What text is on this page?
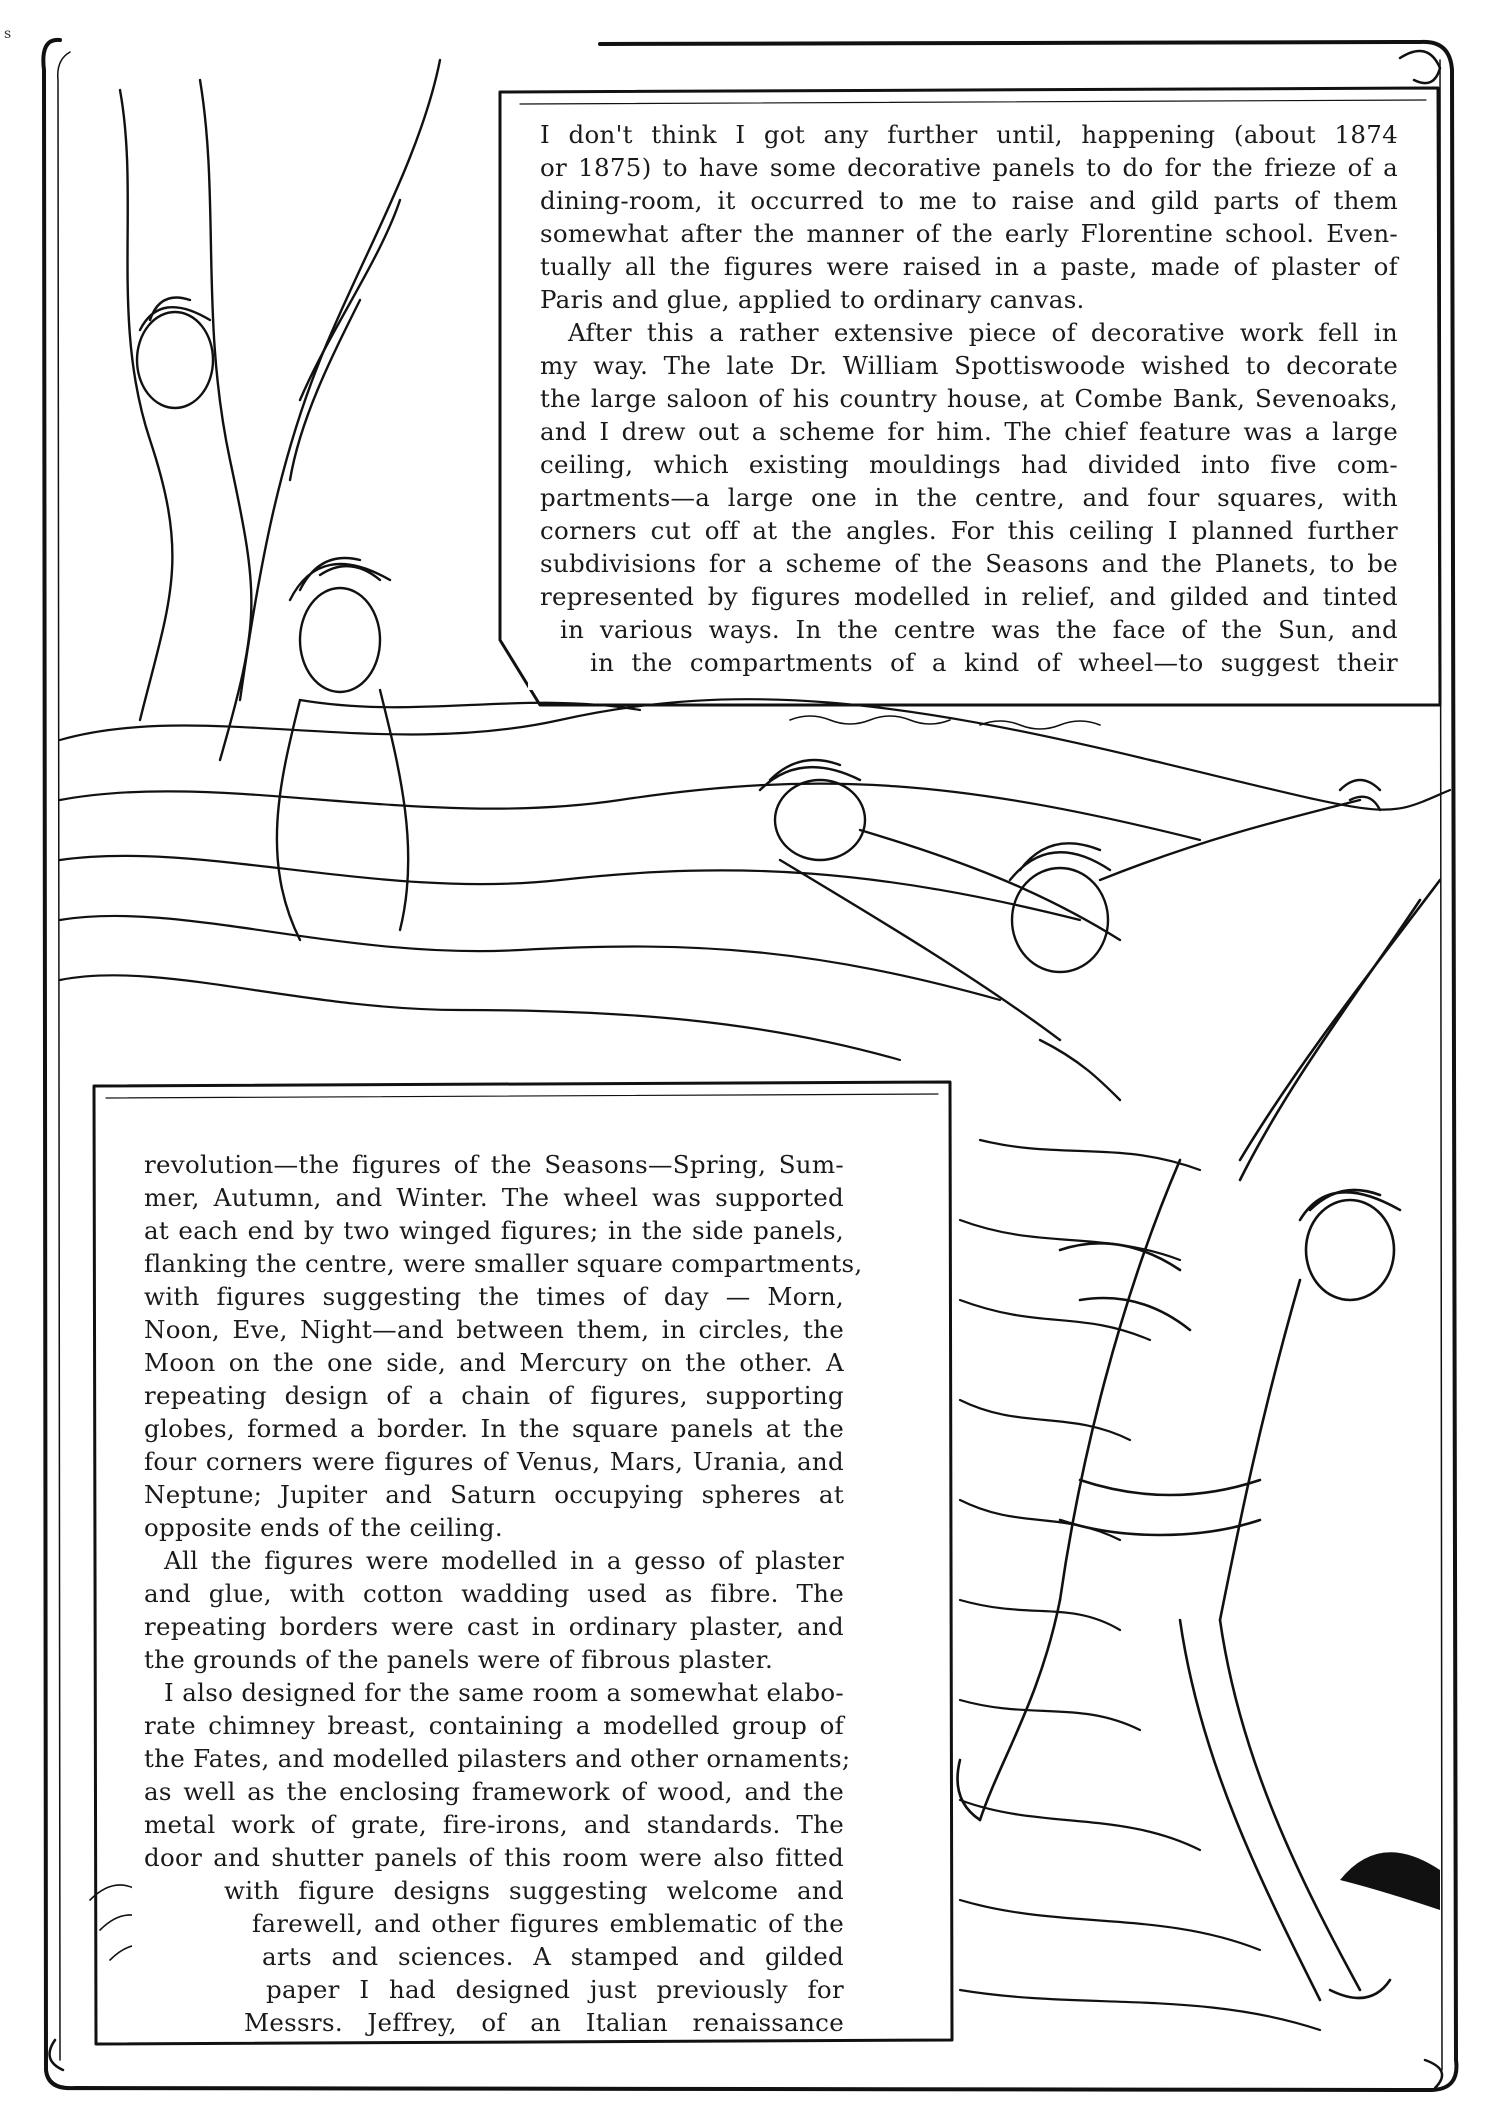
I don't think I got any further until, happening (about 1874
or 1875) to have some decorative panels to do for the frieze of a
dining-room, it occurred to me to raise and gild parts of them
somewhat after the manner of the early Florentine school. Even-
tually all the figures were raised in a paste, made of plaster of
Paris and glue, applied to ordinary canvas.
After this a rather extensive piece of decorative work fell in
my way. The late Dr. William Spottiswoode wished to decorate
the large saloon of his country house, at Combe Bank, Sevenoaks,
and I drew out a scheme for him. The chief feature was a large
ceiling, which existing mouldings had divided into five com-
partments—a large one in the centre, and four squares, with
corners cut off at the angles. For this ceiling I planned further
subdivisions for a scheme of the Seasons and the Planets, to be
represented by figures modelled in relief, and gilded and tinted
in various ways. In the centre was the face of the Sun, and
in the compartments of a kind of wheel—to suggest their
revolution—the figures of the Seasons—Spring, Sum-
mer, Autumn, and Winter. The wheel was supported
at each end by two winged figures; in the side panels,
flanking the centre, were smaller square compartments,
with figures suggesting the times of day — Morn,
Noon, Eve, Night—and between them, in circles, the
Moon on the one side, and Mercury on the other. A
repeating design of a chain of figures, supporting
globes, formed a border. In the square panels at the
four corners were figures of Venus, Mars, Urania, and
Neptune; Jupiter and Saturn occupying spheres at
opposite ends of the ceiling.
All the figures were modelled in a gesso of plaster
and glue, with cotton wadding used as fibre. The
repeating borders were cast in ordinary plaster, and
the grounds of the panels were of fibrous plaster.
I also designed for the same room a somewhat elabo-
rate chimney breast, containing a modelled group of
the Fates, and modelled pilasters and other ornaments;
as well as the enclosing framework of wood, and the
metal work of grate, fire-irons, and standards. The
door and shutter panels of this room were also fitted
with figure designs suggesting welcome and
farewell, and other figures emblematic of the
arts and sciences. A stamped and gilded
paper I had designed just previously for
Messrs. Jeffrey, of an Italian renaissance
s
